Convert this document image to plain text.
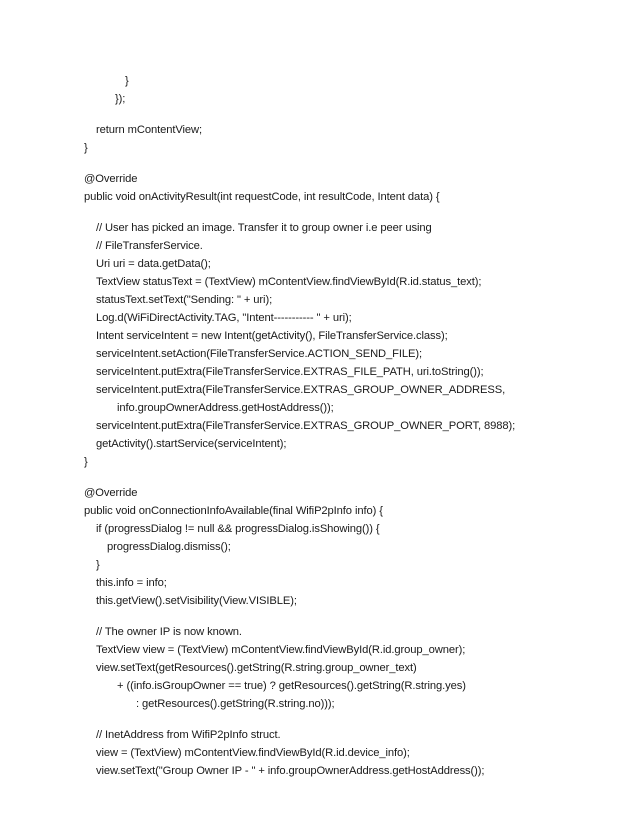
}
});
return mContentView;
}
@Override
public void onActivityResult(int requestCode, int resultCode, Intent data) {
// User has picked an image. Transfer it to group owner i.e peer using
// FileTransferService.
Uri uri = data.getData();
TextView statusText = (TextView) mContentView.findViewById(R.id.status_text);
statusText.setText("Sending: " + uri);
Log.d(WiFiDirectActivity.TAG, "Intent----------- " + uri);
Intent serviceIntent = new Intent(getActivity(), FileTransferService.class);
serviceIntent.setAction(FileTransferService.ACTION_SEND_FILE);
serviceIntent.putExtra(FileTransferService.EXTRAS_FILE_PATH, uri.toString());
serviceIntent.putExtra(FileTransferService.EXTRAS_GROUP_OWNER_ADDRESS,
info.groupOwnerAddress.getHostAddress());
serviceIntent.putExtra(FileTransferService.EXTRAS_GROUP_OWNER_PORT, 8988);
getActivity().startService(serviceIntent);
}
@Override
public void onConnectionInfoAvailable(final WifiP2pInfo info) {
if (progressDialog != null && progressDialog.isShowing()) {
progressDialog.dismiss();
}
this.info = info;
this.getView().setVisibility(View.VISIBLE);
// The owner IP is now known.
TextView view = (TextView) mContentView.findViewById(R.id.group_owner);
view.setText(getResources().getString(R.string.group_owner_text)
+ ((info.isGroupOwner == true) ? getResources().getString(R.string.yes)
: getResources().getString(R.string.no)));
// InetAddress from WifiP2pInfo struct.
view = (TextView) mContentView.findViewById(R.id.device_info);
view.setText("Group Owner IP - " + info.groupOwnerAddress.getHostAddress());
